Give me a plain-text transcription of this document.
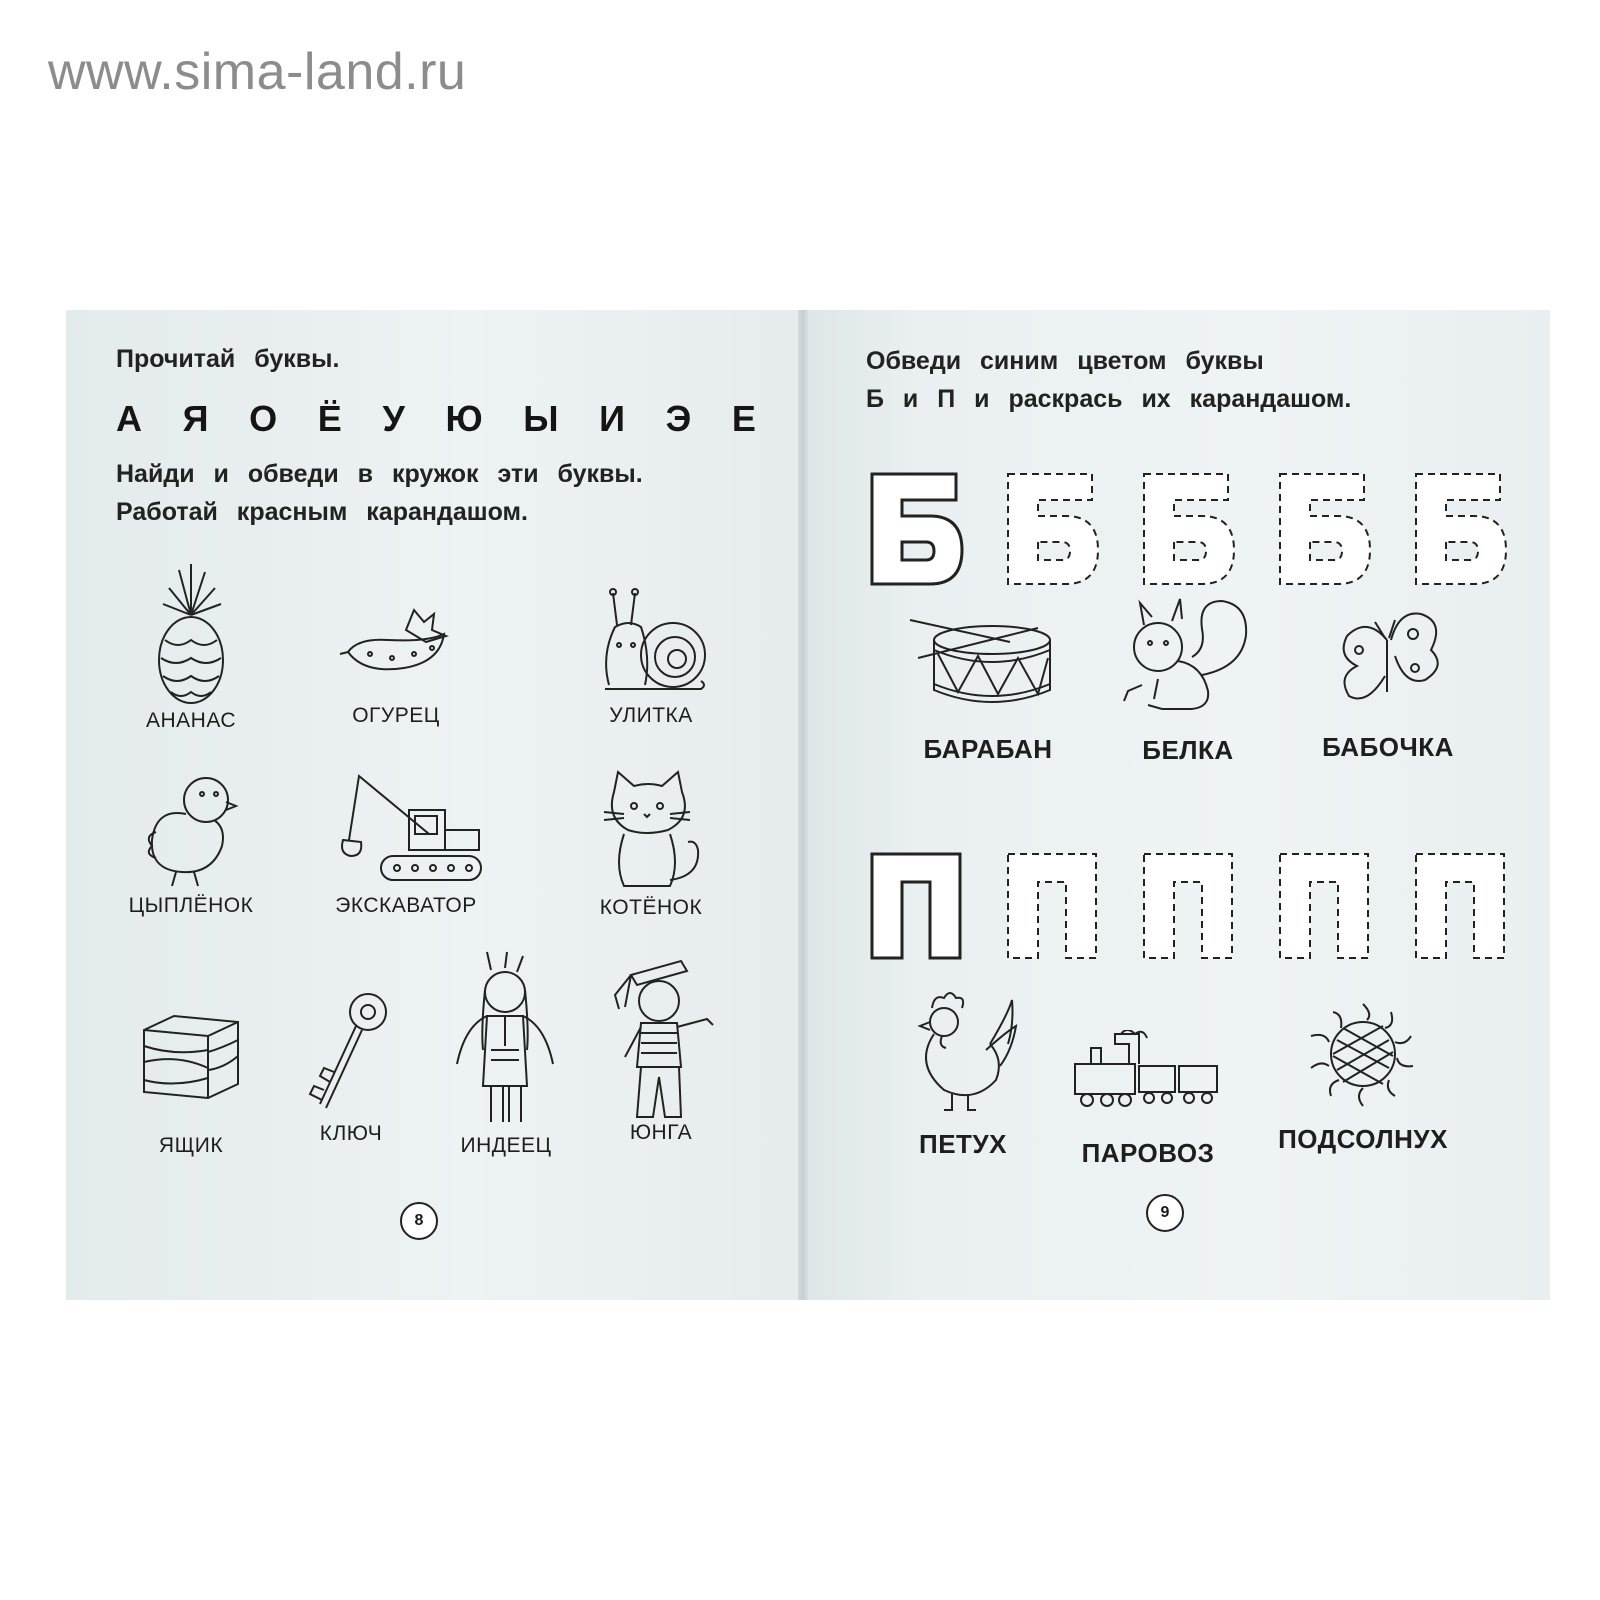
www.sima-land.ru
Прочитай буквы.
А Я О Ё У Ю Ы И Э Е
Найди и обведи в кружок эти буквы.
Работай красным карандашом.
АНАНАС	ОГУРЕЦ	УЛИТКА
ЦЫПЛЁНОК	ЭКСКАВАТОР	КОТЁНОК
ЯЩИК
КЛЮЧ
ИНДЕЕЦ
ЮНГА
8
Обведи синим цветом буквы
Б и П и раскрась их карандашом.
БАРАБАН	БЕЛКА	БАБОЧКА
ПЕТУХ	ПАРОВОЗ	ПОДСОЛНУХ
9
